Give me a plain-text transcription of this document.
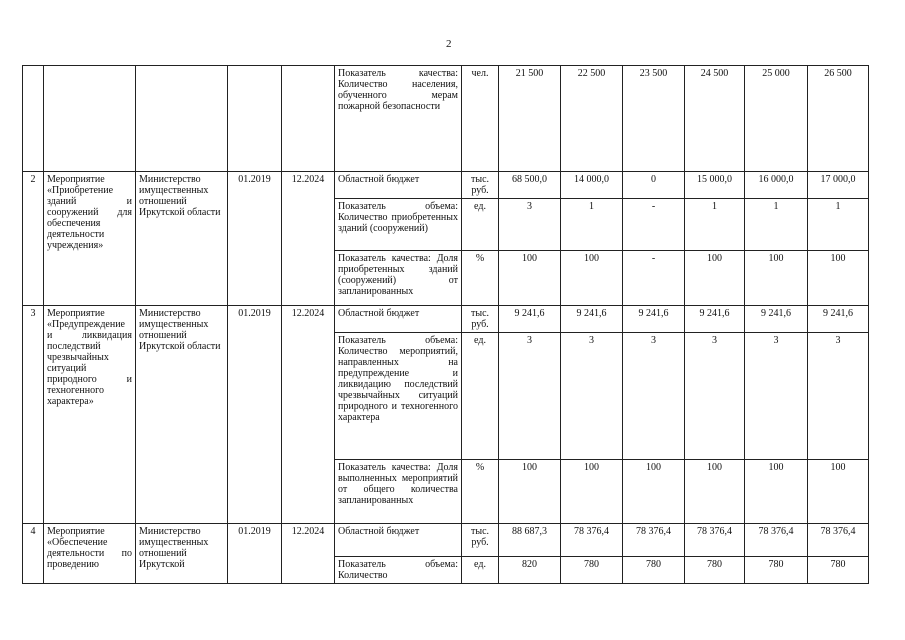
2
					Показатель качества: Количество населения, обученного мерам пожарной безопасности	чел.	21 500	22 500	23 500	24 500	25 000	26 500
2	Мероприятие «Приобретение зданий и сооружений для обеспечения деятельности учреждения»	Министерство имущественных отношений Иркутской области	01.2019	12.2024	Областной бюджет	тыс. руб.	68 500,0	14 000,0	0	15 000,0	16 000,0	17 000,0
					Показатель объема: Количество приобретенных зданий (сооружений)	ед.	3	1	-	1	1	1
					Показатель качества: Доля приобретенных зданий (сооружений) от запланированных	%	100	100	-	100	100	100
3	Мероприятие «Предупреждение и ликвидация последствий чрезвычайных ситуаций природного и техногенного характера»	Министерство имущественных отношений Иркутской области	01.2019	12.2024	Областной бюджет	тыс. руб.	9 241,6	9 241,6	9 241,6	9 241,6	9 241,6	9 241,6
					Показатель объема: Количество мероприятий, направленных на предупреждение и ликвидацию последствий чрезвычайных ситуаций природного и техногенного характера	ед.	3	3	3	3	3	3
					Показатель качества: Доля выполненных мероприятий от общего количества запланированных	%	100	100	100	100	100	100
4	Мероприятие «Обеспечение деятельности по проведению	Министерство имущественных отношений Иркутской	01.2019	12.2024	Областной бюджет	тыс. руб.	88 687,3	78 376,4	78 376,4	78 376,4	78 376,4	78 376,4
					Показатель объема: Количество	ед.	820	780	780	780	780	780
